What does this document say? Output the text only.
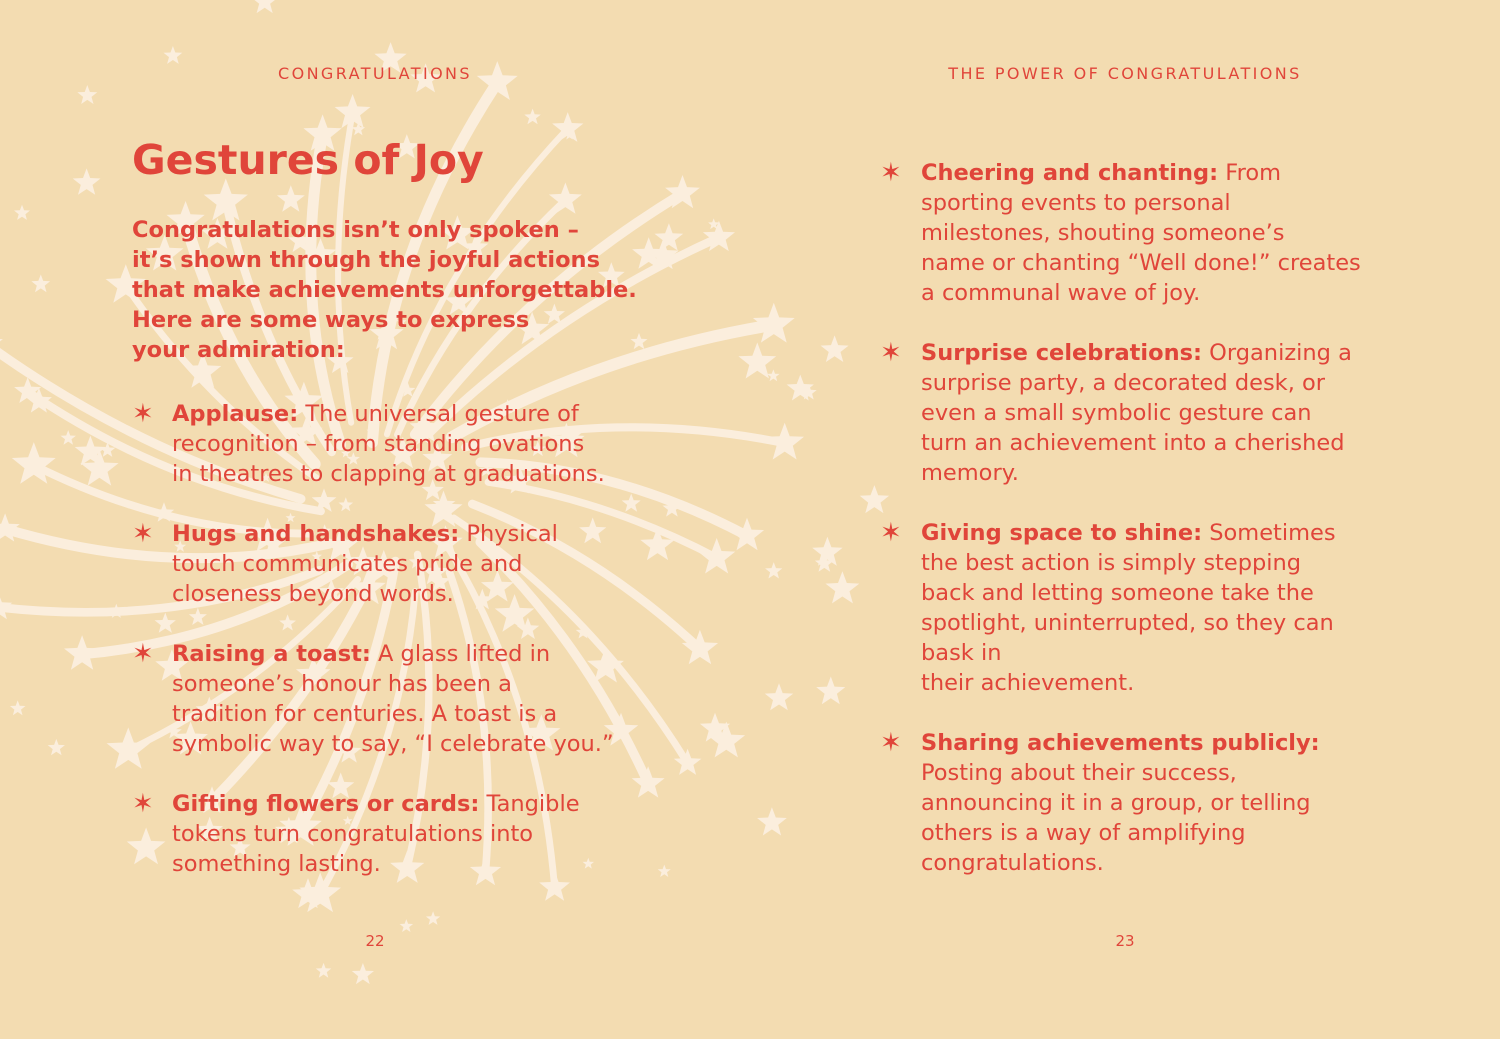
CONGRATULATIONS
Gestures of Joy

Congratulations isn’t only spoken –
it’s shown through the joyful actions
that make achievements unforgettable.
Here are some ways to express
your admiration:

✶ Applause: The universal gesture of
recognition – from standing ovations
in theatres to clapping at graduations.
✶ Hugs and handshakes: Physical
touch communicates pride and
closeness beyond words.
✶ Raising a toast: A glass lifted in
someone’s honour has been a
tradition for centuries. A toast is a
symbolic way to say, “I celebrate you.”
✶ Gifting flowers or cards: Tangible
tokens turn congratulations into
something lasting.
22
THE POWER OF CONGRATULATIONS
✶ Cheering and chanting: From
sporting events to personal
milestones, shouting someone’s
name or chanting “Well done!” creates
a communal wave of joy.
✶ Surprise celebrations: Organizing a
surprise party, a decorated desk, or
even a small symbolic gesture can
turn an achievement into a cherished
memory.
✶ Giving space to shine: Sometimes
the best action is simply stepping
back and letting someone take the
spotlight, uninterrupted, so they can
bask in
their achievement.
✶ Sharing achievements publicly:
Posting about their success,
announcing it in a group, or telling
others is a way of amplifying
congratulations.
23
